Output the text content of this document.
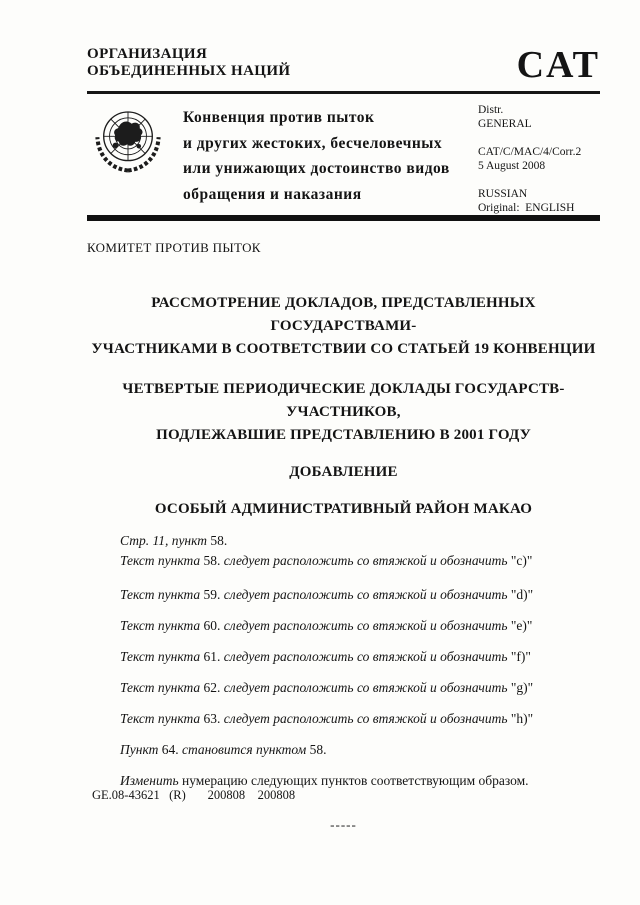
ОРГАНИЗАЦИЯ
ОБЪЕДИНЕННЫХ НАЦИЙ	CAT
Конвенция против пыток
и других жестоких, бесчеловечных
или унижающих достоинство видов
обращения и наказания
Distr.
GENERAL
CAT/C/MAC/4/Corr.2
5 August 2008
RUSSIAN
Original:  ENGLISH
КОМИТЕТ ПРОТИВ ПЫТОК
РАССМОТРЕНИЕ ДОКЛАДОВ, ПРЕДСТАВЛЕННЫХ ГОСУДАРСТВАМИ-
УЧАСТНИКАМИ В СООТВЕТСТВИИ СО СТАТЬЕЙ 19 КОНВЕНЦИИ
ЧЕТВЕРТЫЕ ПЕРИОДИЧЕСКИЕ ДОКЛАДЫ ГОСУДАРСТВ-УЧАСТНИКОВ,
ПОДЛЕЖАВШИЕ ПРЕДСТАВЛЕНИЮ В 2001 ГОДУ
ДОБАВЛЕНИЕ
ОСОБЫЙ АДМИНИСТРАТИВНЫЙ РАЙОН МАКАО

Стр. 11, пункт 58.

Текст пункта 58. следует расположить со втяжкой и обозначить "c)"

Текст пункта 59. следует расположить со втяжкой и обозначить "d)"

Текст пункта 60. следует расположить со втяжкой и обозначить "e)"

Текст пункта 61. следует расположить со втяжкой и обозначить "f)"

Текст пункта 62. следует расположить со втяжкой и обозначить "g)"

Текст пункта 63. следует расположить со втяжкой и обозначить "h)"

Пункт 64. становится пунктом 58.

Изменить нумерацию следующих пунктов соответствующим образом.

-----
GE.08-43621   (R)       200808    200808
